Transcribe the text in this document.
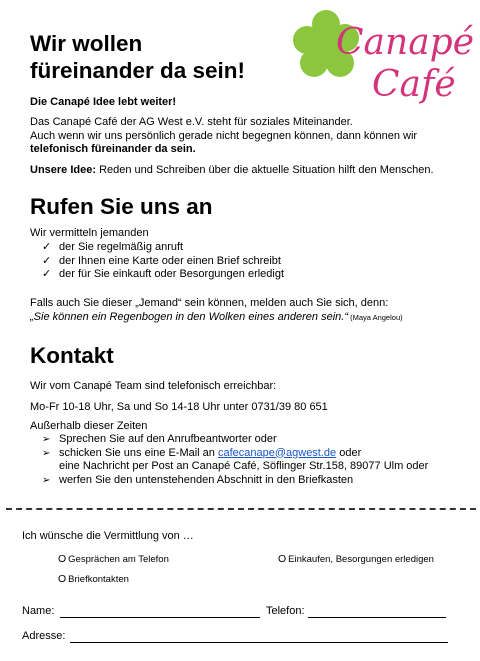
Wir wollen
füreinander da sein!
Canapé
Café

Die Canapé Idee lebt weiter!

Das Canapé Café der AG West e.V. steht für soziales Miteinander.
Auch wenn wir uns persönlich gerade nicht begegnen können, dann können wir
telefonisch füreinander da sein.

Unsere Idee: Reden und Schreiben über die aktuelle Situation hilft den Menschen.

Rufen Sie uns an

Wir vermitteln jemanden

✓ der Sie regelmäßig anruft
✓ der Ihnen eine Karte oder einen Brief schreibt
✓ der für Sie einkauft oder Besorgungen erledigt

Falls auch Sie dieser „Jemand“ sein können, melden auch Sie sich, denn:
„Sie können ein Regenbogen in den Wolken eines anderen sein.“ (Maya Angelou)

Kontakt

Wir vom Canapé Team sind telefonisch erreichbar:

Mo-Fr 10-18 Uhr, Sa und So 14-18 Uhr unter 0731/39 80 651

Außerhalb dieser Zeiten

➢ Sprechen Sie auf den Anrufbeantworter oder
➢ schicken Sie uns eine E-Mail an cafecanape@agwest.de oder
eine Nachricht per Post an Canapé Café, Söflinger Str.158, 89077 Ulm oder
➢ werfen Sie den untenstehenden Abschnitt in den Briefkasten

Ich wünsche die Vermittlung von …

O Gesprächen am Telefon	O Einkaufen, Besorgungen erledigen
O Briefkontakten
Name:	Telefon:
Adresse:
